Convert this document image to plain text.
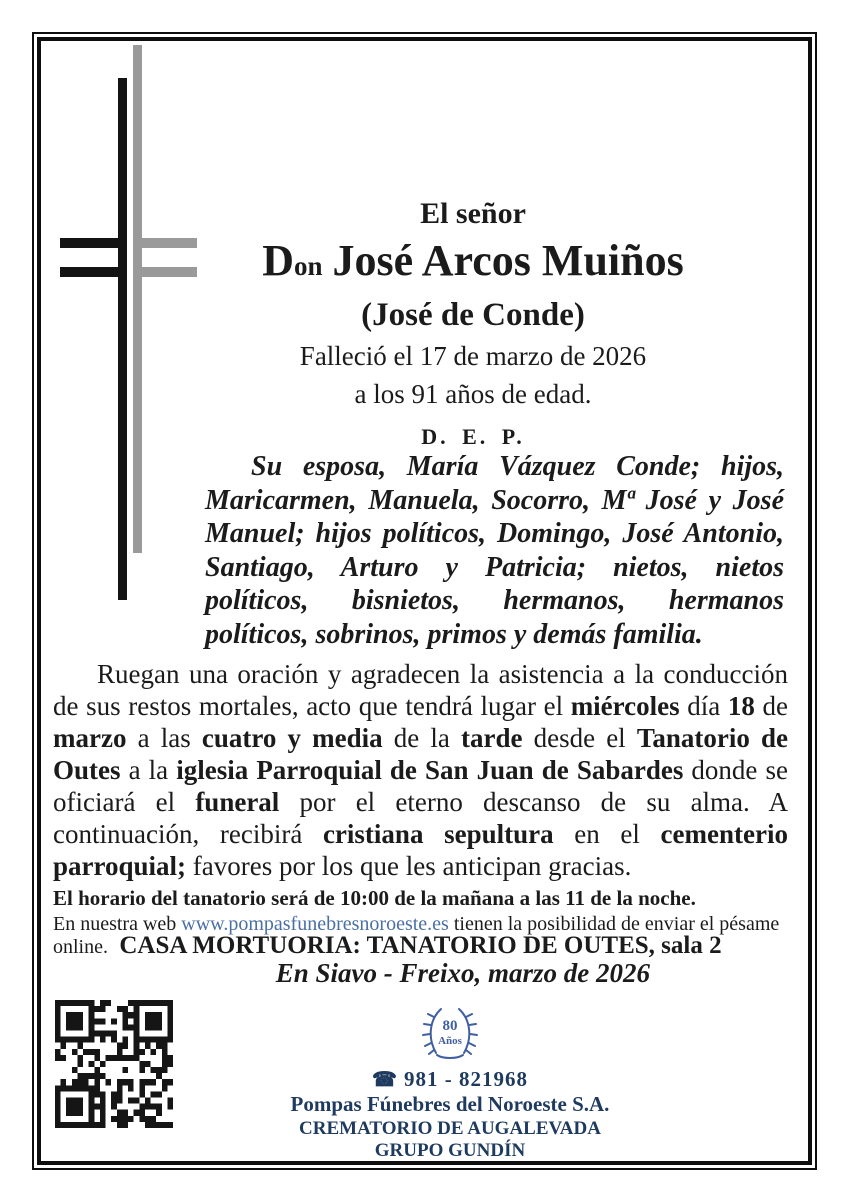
El señor
Don José Arcos Muiños
(José de Conde)
Falleció el 17 de marzo de 2026
a los 91 años de edad.
D. E. P.
Su esposa, María Vázquez Conde; hijos, Maricarmen, Manuela, Socorro, Mª José y José Manuel; hijos políticos, Domingo, José Antonio, Santiago, Arturo y Patricia; nietos, nietos políticos, bisnietos, hermanos, hermanos políticos, sobrinos, primos y demás familia.
Ruegan una oración y agradecen la asistencia a la conducción de sus restos mortales, acto que tendrá lugar el miércoles día 18 de marzo a las cuatro y media de la tarde desde el Tanatorio de Outes a la iglesia Parroquial de San Juan de Sabardes donde se oficiará el funeral por el eterno descanso de su alma. A continuación, recibirá cristiana sepultura en el cementerio parroquial; favores por los que les anticipan gracias.
El horario del tanatorio será de 10:00 de la mañana a las 11 de la noche.
En nuestra web www.pompasfunebresnoroeste.es tienen la posibilidad de enviar el pésame online. CASA MORTUORIA: TANATORIO DE OUTES, sala 2
En Siavo - Freixo, marzo de 2026
80
Años
☎ 981 - 821968
Pompas Fúnebres del Noroeste S.A.
CREMATORIO DE AUGALEVADA
GRUPO GUNDÍN
